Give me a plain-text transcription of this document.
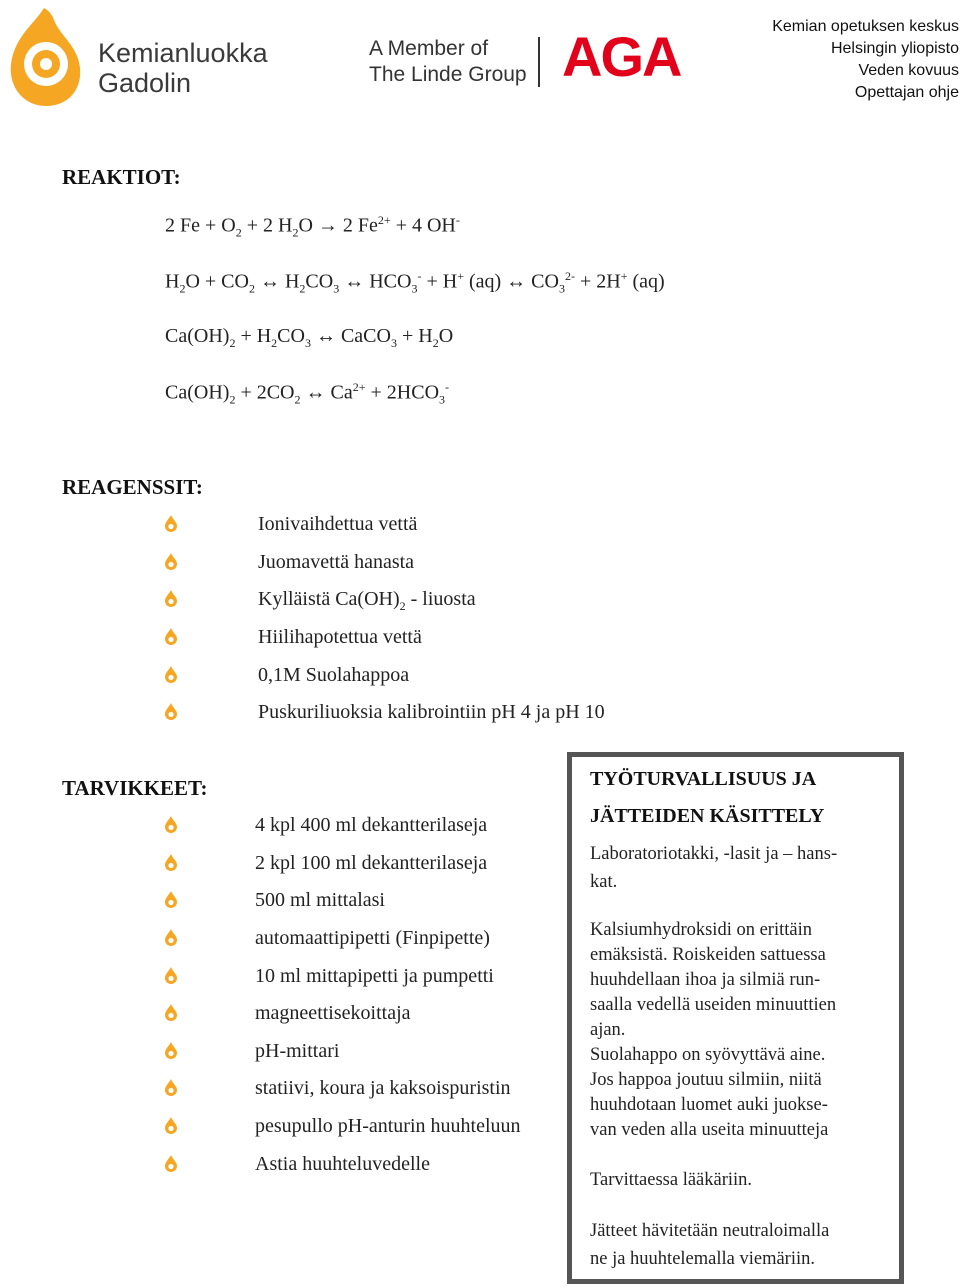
Kemianluokka
Gadolin
A Member of
The Linde Group AGA	Kemian opetuksen keskus
Helsingin yliopisto
Veden kovuus
Opettajan ohje
REAKTIOT:
2 $Fe + O_2 + 2$ $H_2O \to 2$ $Fe^{2+} + 4$ OH-
$H_2O + CO_2$ ↔ $H_2CO_3$ ↔ $HCO_3^- + H^+$ (aq) ↔ $CO_3^{2-} + 2H^+$ (aq)
$Ca(OH)_2 + H_2CO_3$ ↔ CaCO$_3$ + $H_2O$
$Ca(OH)_2 + 2CO_2$ ↔ $Ca^{2+} + 2HCO_3^-$
REAGENSSIT:
Ionivaihdettua vettä
Juomavettä hanasta
Kylläistä $Ca(OH)_2$ - liuosta
Hiilihapotettua vettä
0,1M Suolahappoa
Puskuriliuoksia kalibrointiin pH 4 ja pH 10
TARVIKKEET:
4 kpl 400 ml dekantterilaseja
2 kpl 100 ml dekantterilaseja
500 ml mittalasi
automaattipipetti (Finpipette)
10 ml mittapipetti ja pumpetti
magneettisekoittaja
pH-mittari
statiivi, koura ja kaksoispuristin
pesupullo pH-anturin huuhteluun
Astia huuhteluvedelle
TYÖTURVALLISUUS JA
JÄTTEIDEN KÄSITTELY
Laboratoriotakki, -lasit ja – hans-
kat.
Kalsiumhydroksidi on erittäin
emäksistä. Roiskeiden sattuessa
huuhdellaan ihoa ja silmiä run-
saalla vedellä useiden minuuttien
ajan.
Suolahappo on syövyttävä aine.
Jos happoa joutuu silmiin, niitä
huuhdotaan luomet auki juokse-
van veden alla useita minuutteja
Tarvittaessa lääkäriin.
Jätteet hävitetään neutraloimalla
ne ja huuhtelemalla viemäriin.
